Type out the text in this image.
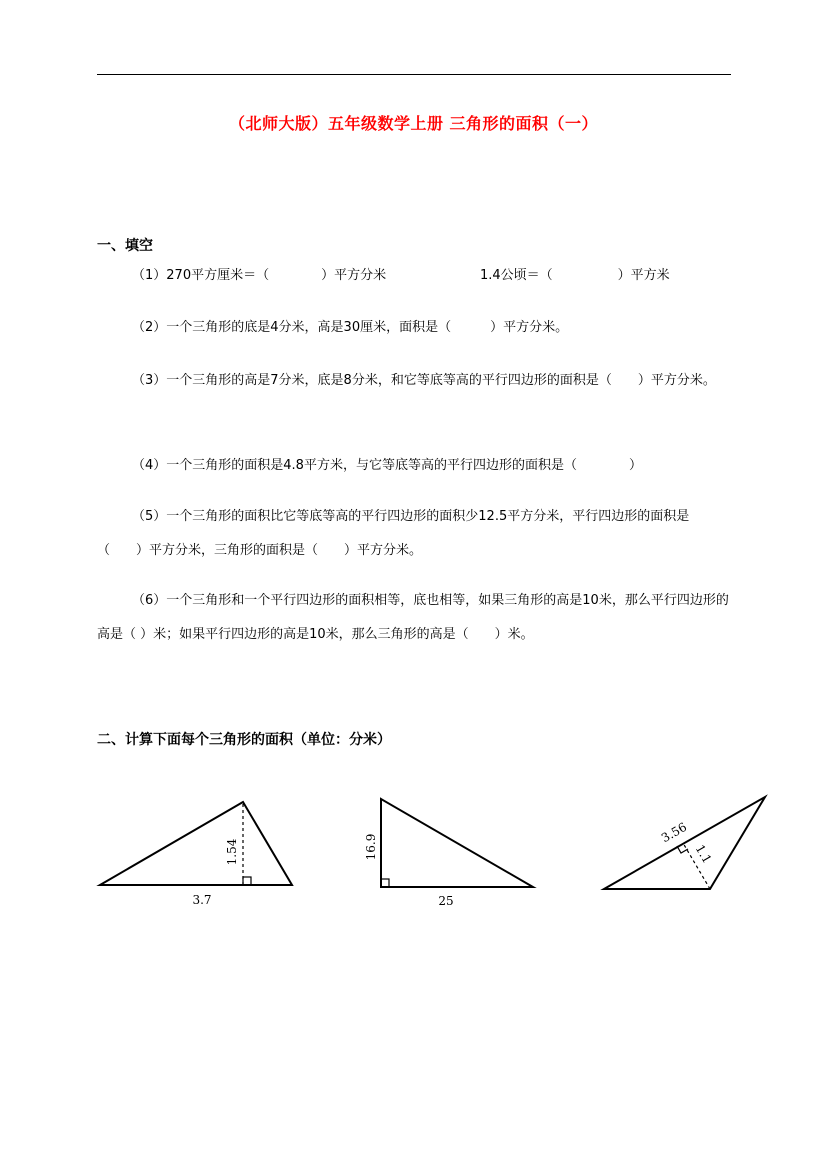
（北师大版）五年级数学上册 三角形的面积（一）
一、填空
（1）270平方厘米＝（　　　　）平方分米	1.4公顷＝（　　　　　）平方米
（2）一个三角形的底是4分米，高是30厘米，面积是（　　　）平方分米。
（3）一个三角形的高是7分米，底是8分米，和它等底等高的平行四边形的面积是（　　）平方分米。
（4）一个三角形的面积是4.8平方米，与它等底等高的平行四边形的面积是（　　　　）
（5）一个三角形的面积比它等底等高的平行四边形的面积少12.5平方分米，平行四边形的面积是（　　）平方分米，三角形的面积是（　　）平方分米。
（6）一个三角形和一个平行四边形的面积相等，底也相等，如果三角形的高是10米，那么平行四边形的高是（ ）米；如果平行四边形的高是10米，那么三角形的高是（　　）米。
二、计算下面每个三角形的面积（单位：分米）
1.54
3.7
16.9
25
3.56
1.1
